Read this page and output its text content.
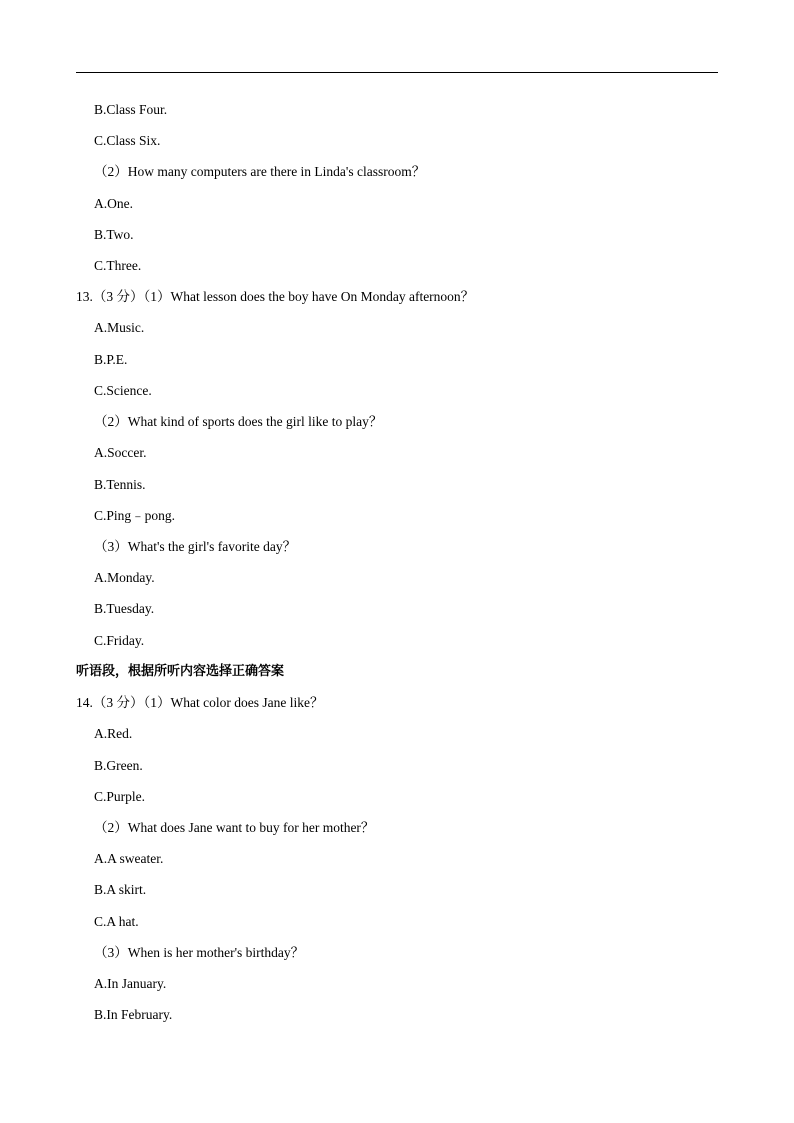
B.Class Four.
C.Class Six.
（2）How many computers are there in Linda's classroom？
A.One.
B.Two.
C.Three.
13.（3 分）（1）What lesson does the boy have On Monday afternoon？
A.Music.
B.P.E.
C.Science.
（2）What kind of sports does the girl like to play？
A.Soccer.
B.Tennis.
C.Ping﹣pong.
（3）What's the girl's favorite day？
A.Monday.
B.Tuesday.
C.Friday.
听语段，根据所听内容选择正确答案
14.（3 分）（1）What color does Jane like？
A.Red.
B.Green.
C.Purple.
（2）What does Jane want to buy for her mother？
A.A sweater.
B.A skirt.
C.A hat.
（3）When is her mother's birthday？
A.In January.
B.In February.
